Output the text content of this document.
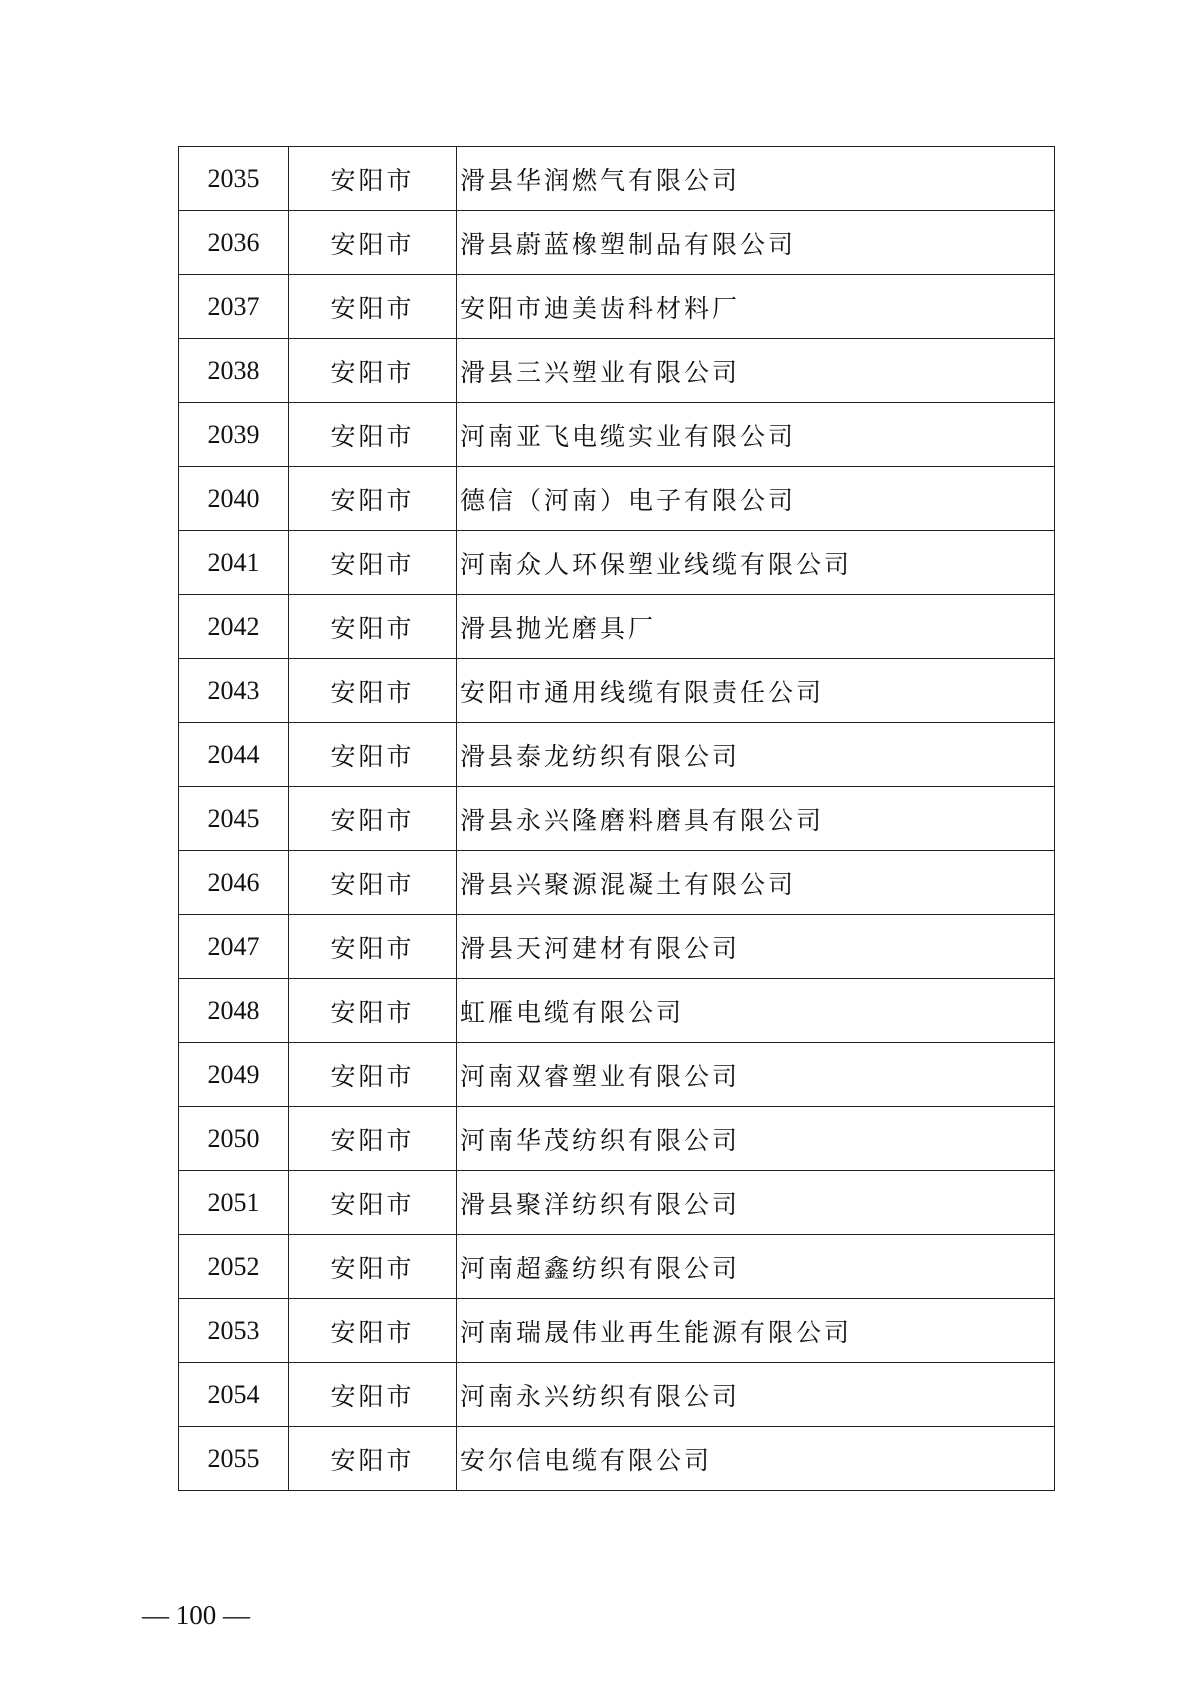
2035	安阳市	滑县华润燃气有限公司
2036	安阳市	滑县蔚蓝橡塑制品有限公司
2037	安阳市	安阳市迪美齿科材料厂
2038	安阳市	滑县三兴塑业有限公司
2039	安阳市	河南亚飞电缆实业有限公司
2040	安阳市	德信（河南）电子有限公司
2041	安阳市	河南众人环保塑业线缆有限公司
2042	安阳市	滑县抛光磨具厂
2043	安阳市	安阳市通用线缆有限责任公司
2044	安阳市	滑县泰龙纺织有限公司
2045	安阳市	滑县永兴隆磨料磨具有限公司
2046	安阳市	滑县兴聚源混凝土有限公司
2047	安阳市	滑县天河建材有限公司
2048	安阳市	虹雁电缆有限公司
2049	安阳市	河南双睿塑业有限公司
2050	安阳市	河南华茂纺织有限公司
2051	安阳市	滑县聚洋纺织有限公司
2052	安阳市	河南超鑫纺织有限公司
2053	安阳市	河南瑞晟伟业再生能源有限公司
2054	安阳市	河南永兴纺织有限公司
2055	安阳市	安尔信电缆有限公司
— 100 —
